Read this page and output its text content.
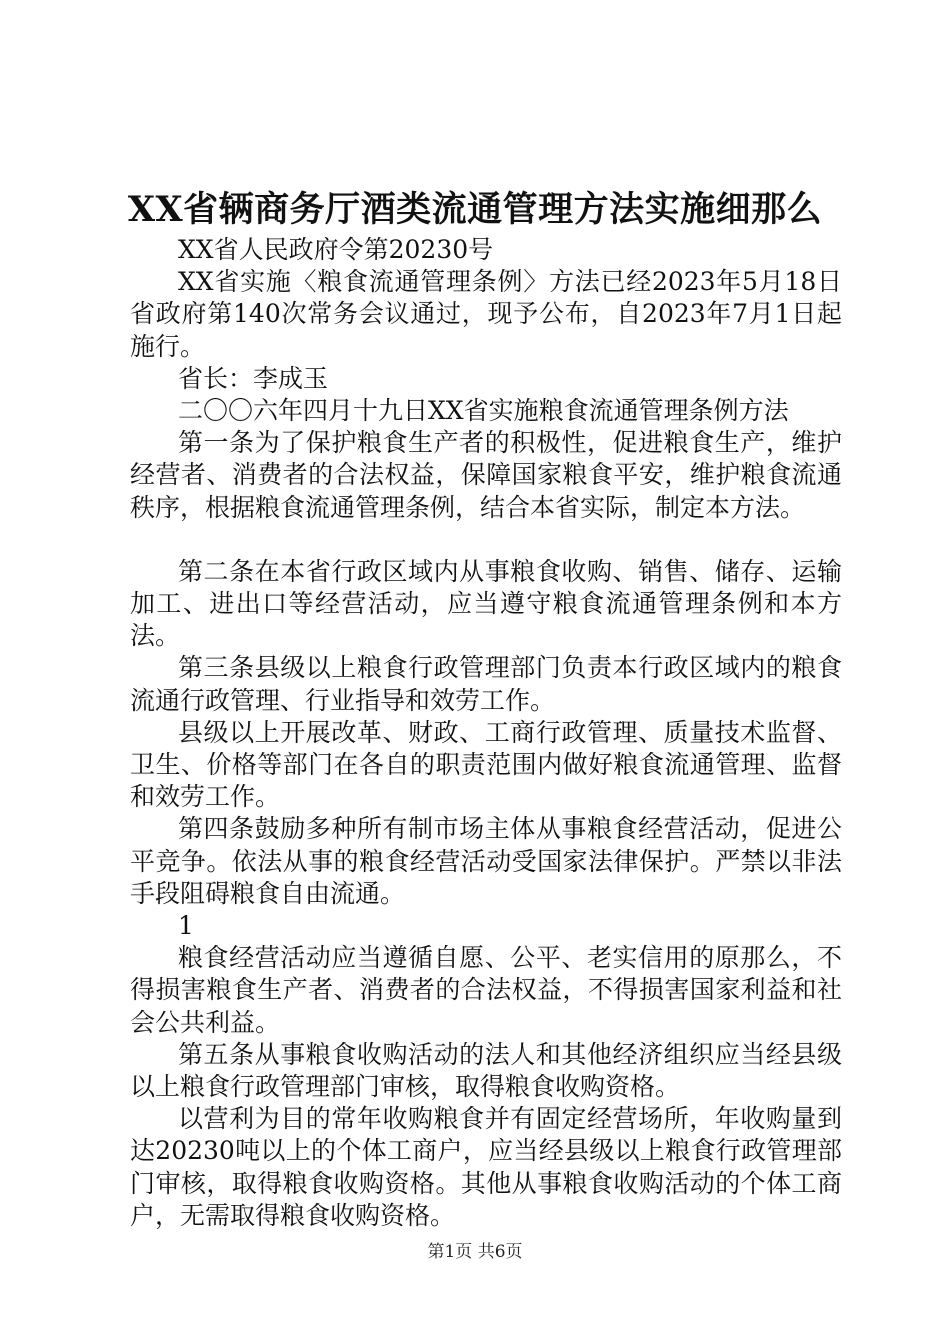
XX省辆商务厅酒类流通管理方法实施细那么

XX省人民政府令第20230号

XX省实施〈粮食流通管理条例〉方法已经2023年5月18日省政府第140次常务会议通过，现予公布，自2023年7月1日起施行。

省长：李成玉

二〇〇六年四月十九日XX省实施粮食流通管理条例方法

第一条为了保护粮食生产者的积极性，促进粮食生产，维护经营者、消费者的合法权益，保障国家粮食平安，维护粮食流通秩序，根据粮食流通管理条例，结合本省实际，制定本方法。

第二条在本省行政区域内从事粮食收购、销售、储存、运输加工、进出口等经营活动，应当遵守粮食流通管理条例和本方法。

第三条县级以上粮食行政管理部门负责本行政区域内的粮食流通行政管理、行业指导和效劳工作。

县级以上开展改革、财政、工商行政管理、质量技术监督、卫生、价格等部门在各自的职责范围内做好粮食流通管理、监督和效劳工作。

第四条鼓励多种所有制市场主体从事粮食经营活动，促进公平竞争。依法从事的粮食经营活动受国家法律保护。严禁以非法手段阻碍粮食自由流通。

1

粮食经营活动应当遵循自愿、公平、老实信用的原那么，不得损害粮食生产者、消费者的合法权益，不得损害国家利益和社会公共利益。

第五条从事粮食收购活动的法人和其他经济组织应当经县级以上粮食行政管理部门审核，取得粮食收购资格。

以营利为目的常年收购粮食并有固定经营场所，年收购量到达20230吨以上的个体工商户，应当经县级以上粮食行政管理部门审核，取得粮食收购资格。其他从事粮食收购活动的个体工商户，无需取得粮食收购资格。

第1页 共6页
